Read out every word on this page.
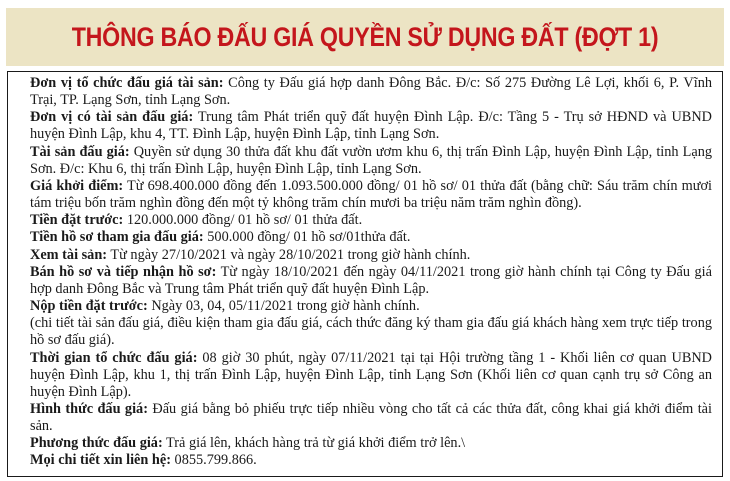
THÔNG BÁO ĐẤU GIÁ QUYỀN SỬ DỤNG ĐẤT (ĐỢT 1)

Đơn vị tổ chức đấu giá tài sản: Công ty Đấu giá hợp danh Đông Bắc. Đ/c: Số 275 Đường Lê Lợi, khối 6, P. Vĩnh Trại, TP. Lạng Sơn, tỉnh Lạng Sơn.

Đơn vị có tài sản đấu giá: Trung tâm Phát triển quỹ đất huyện Đình Lập. Đ/c: Tầng 5 - Trụ sở HĐND và UBND huyện Đình Lập, khu 4, TT. Đình Lập, huyện Đình Lập, tỉnh Lạng Sơn.

Tài sản đấu giá: Quyền sử dụng 30 thửa đất khu đất vườn ươm khu 6, thị trấn Đình Lập, huyện Đình Lập, tỉnh Lạng Sơn. Đ/c: Khu 6, thị trấn Đình Lập, huyện Đình Lập, tỉnh Lạng Sơn.

Giá khởi điểm: Từ 698.400.000 đồng đến 1.093.500.000 đồng/ 01 hồ sơ/ 01 thửa đất (bằng chữ: Sáu trăm chín mươi tám triệu bốn trăm nghìn đồng đến một tỷ không trăm chín mươi ba triệu năm trăm nghìn đồng).

Tiền đặt trước: 120.000.000 đồng/ 01 hồ sơ/ 01 thửa đất.

Tiền hồ sơ tham gia đấu giá: 500.000 đồng/ 01 hồ sơ/01thửa đất.

Xem tài sản: Từ ngày 27/10/2021 và ngày 28/10/2021 trong giờ hành chính.

Bán hồ sơ và tiếp nhận hồ sơ: Từ ngày 18/10/2021 đến ngày 04/11/2021 trong giờ hành chính tại Công ty Đấu giá hợp danh Đông Bắc và Trung tâm Phát triển quỹ đất huyện Đình Lập.

Nộp tiền đặt trước: Ngày 03, 04, 05/11/2021 trong giờ hành chính.

(chi tiết tài sản đấu giá, điều kiện tham gia đấu giá, cách thức đăng ký tham gia đấu giá khách hàng xem trực tiếp trong hồ sơ đấu giá).

Thời gian tổ chức đấu giá: 08 giờ 30 phút, ngày 07/11/2021 tại tại Hội trường tầng 1 - Khối liên cơ quan UBND huyện Đình Lập, khu 1, thị trấn Đình Lập, huyện Đình Lập, tỉnh Lạng Sơn (Khối liên cơ quan cạnh trụ sở Công an huyện Đình Lập).

Hình thức đấu giá: Đấu giá bằng bỏ phiếu trực tiếp nhiều vòng cho tất cả các thửa đất, công khai giá khởi điểm tài sản.

Phương thức đấu giá: Trả giá lên, khách hàng trả từ giá khởi điểm trở lên.\

Mọi chi tiết xin liên hệ: 0855.799.866.
